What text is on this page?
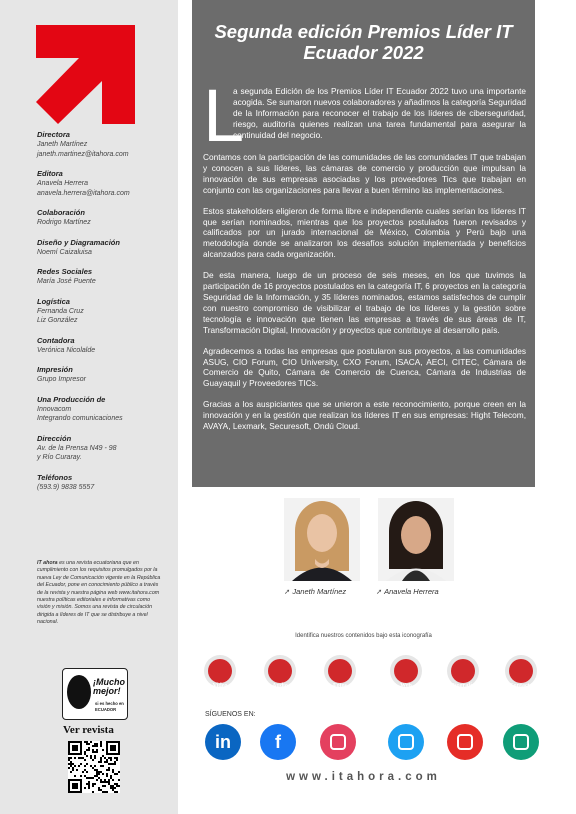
Directora
Janeth Martínez
janeth.martinez@itahora.com
Editora
Anavela Herrera
anavela.herrera@itahora.com
Colaboración
Rodrigo Martínez
Diseño y Diagramación
Noemí Caizaluisa
Redes Sociales
María José Puente
Logística
Fernanda Cruz
Liz González
Contadora
Verónica Nicolalde
Impresión
Grupo Impresor
Una Producción de
Innovacom
Integrando comunicaciones
Dirección
Av. de la Prensa N49 - 98
y Río Curaray.
Teléfonos
(593.9) 9838 5557
IT ahora es una revista ecuatoriana que en cumplimiento con los requisitos promulgados por la nueva Ley de Comunicación vigente en la República del Ecuador, pone en conocimiento público a través de la revista y nuestra página web www.itahora.com nuestra políticas editoriales e informativas como visión y misión. Somos una revista de circulación dirigida a líderes de IT que se distribuye a nivel nacional.
¡Mucho
mejor!
si es hecho en
ECUADOR
Ver revista
Segunda edición Premios Líder IT Ecuador 2022
L

a segunda Edición de los Premios Líder IT Ecuador 2022 tuvo una importante acogida. Se sumaron nuevos colaboradores y añadimos la categoría Seguridad de la Información para reconocer el trabajo de los líderes de ciberseguridad, riesgo, auditoría quienes realizan una tarea fundamental para asegurar la continuidad del negocio.

Contamos con la participación de las comunidades de las comunidades IT que trabajan y conocen a sus líderes, las cámaras de comercio y producción que impulsan la innovación de sus empresas asociadas y los proveedores Tics que trabajan en conjunto con las organizaciones para llevar a buen término las implementaciones.

Estos stakeholders eligieron de forma libre e independiente cuales serían los líderes IT que serían nominados, mientras que los proyectos postulados fueron revisados y calificados por un jurado internacional de México, Colombia y Perú bajo una metodología donde se analizaron los desafíos solución implementada y beneficios alcanzados para cada organización.

De esta manera, luego de un proceso de seis meses, en los que tuvimos la participación de 16 proyectos postulados en la categoría IT, 6 proyectos en la categoría Seguridad de la Información, y 35 líderes nominados, estamos satisfechos de cumplir con nuestro compromiso de visibilizar el trabajo de los líderes y la gestión sobre tecnología e innovación que tienen las empresas a través de sus áreas de IT, Transformación Digital, Innovación y proyectos que contribuye al desarrollo país.

Agradecemos a todas las empresas que postularon sus proyectos, a las comunidades ASUG, CIO Forum, CIO University, CXO Forum, ISACA, AECI, CITEC, Cámara de Comercio de Quito, Cámara de Comercio de Cuenca, Cámara de Industrias de Guayaquil y Proveedores TICs.

Gracias a los auspiciantes que se unieron a este reconocimiento, porque creen en la innovación y en la gestión que realizan los líderes IT en sus empresas: Hight Telecom, AVAYA, Lexmark, Securesoft, Ondú Cloud.

➚ Janeth Martínez	➚ Anavela Herrera
Identifica nuestros contenidos bajo esta iconografía
Video	Audio	Fotos	Web	Biografía	Contacto
SÍGUENOS EN:
in	f
www.itahora.com
